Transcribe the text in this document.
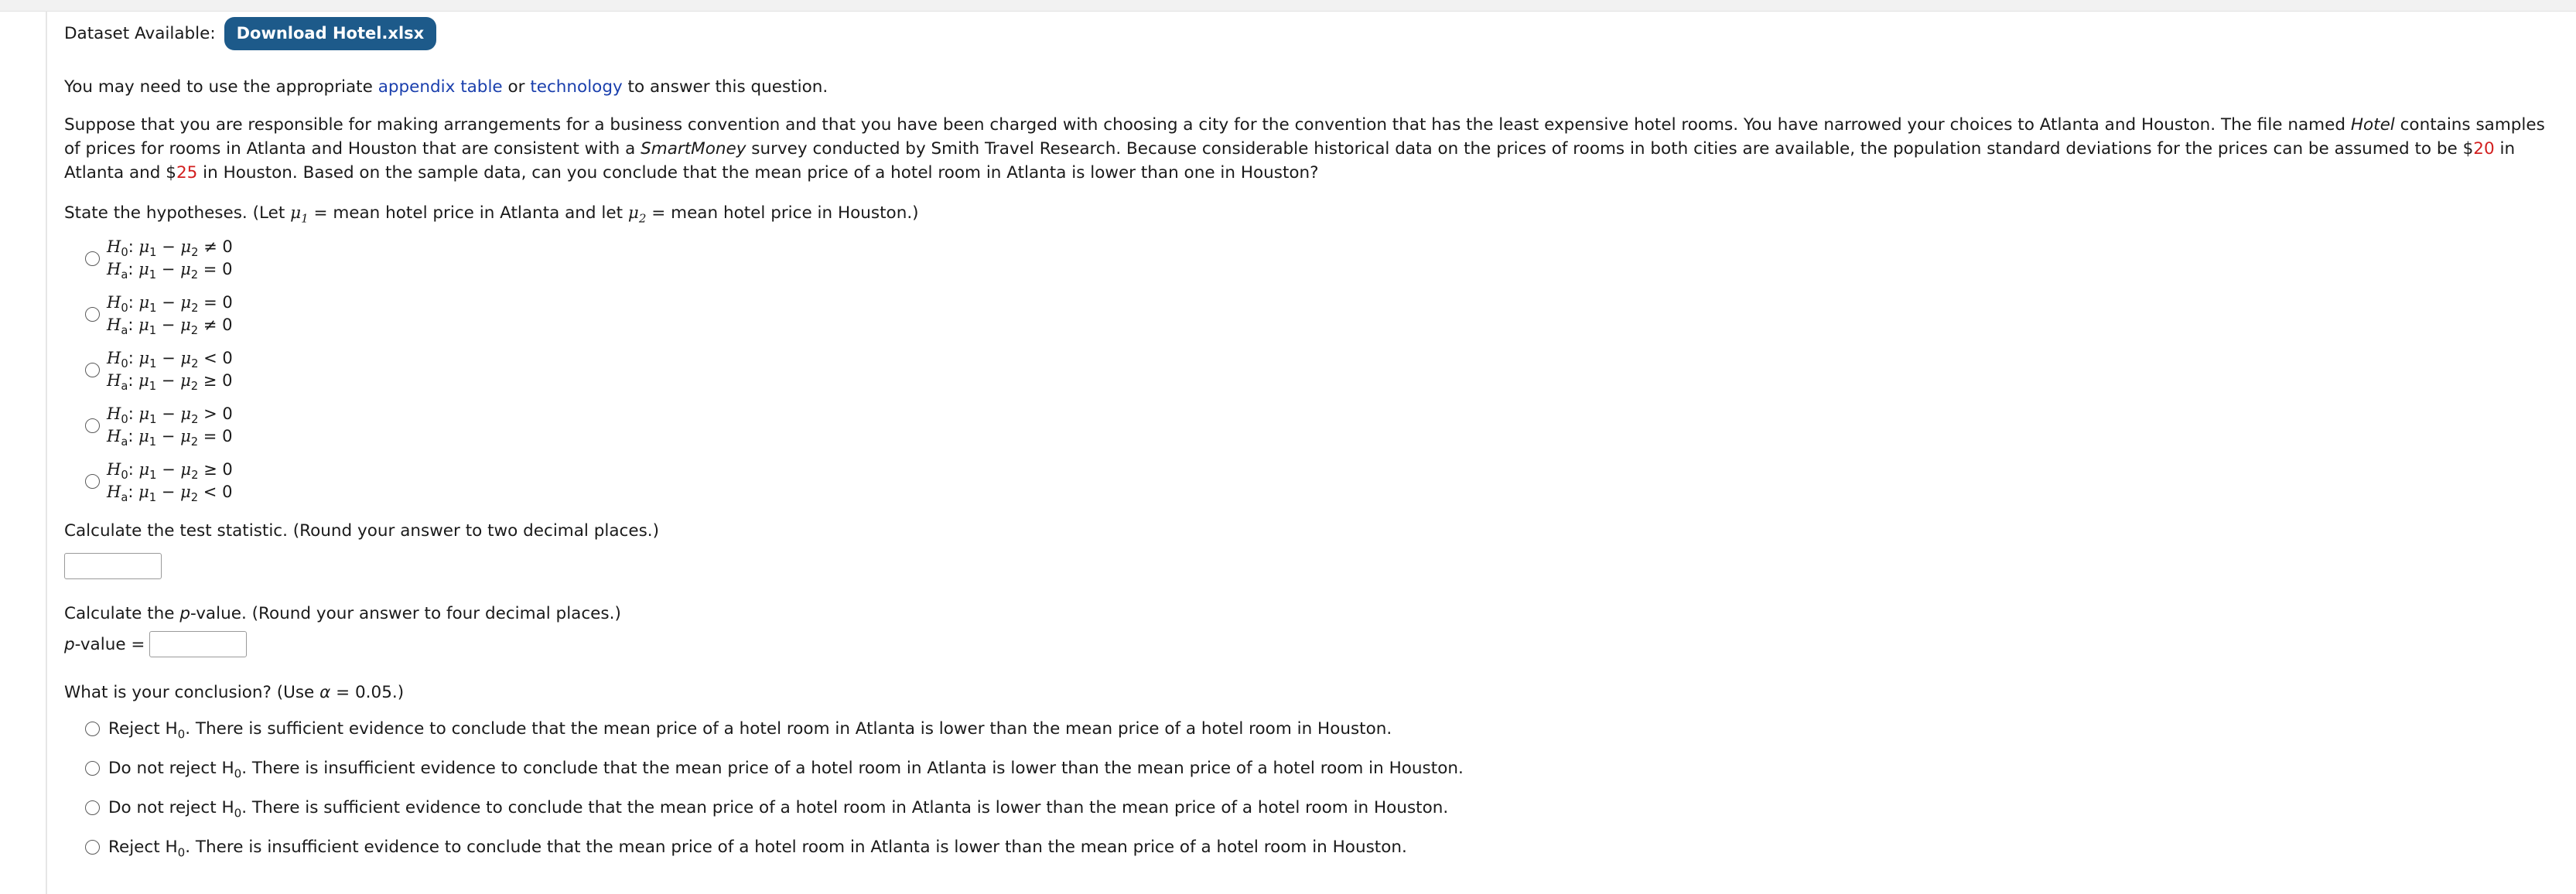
Dataset Available:	Download Hotel.xlsx

You may need to use the appropriate appendix table or technology to answer this question.

Suppose that you are responsible for making arrangements for a business convention and that you have been charged with choosing a city for the convention that has the least expensive hotel rooms. You have narrowed your choices to Atlanta and Houston. The file named Hotel contains samples of prices for rooms in Atlanta and Houston that are consistent with a SmartMoney survey conducted by Smith Travel Research. Because considerable historical data on the prices of rooms in both cities are available, the population standard deviations for the prices can be assumed to be $20 in Atlanta and $25 in Houston. Based on the sample data, can you conclude that the mean price of a hotel room in Atlanta is lower than one in Houston?

State the hypotheses. (Let $\mu_1$ = mean hotel price in Atlanta and let $\mu_2$ = mean hotel price in Houston.)

$H_0$: $\mu_1 - \mu_2 \ne 0$
$H_a$: $\mu_1 - \mu_2 = 0$
$H_0$: $\mu_1 - \mu_2 = 0$
$H_a$: $\mu_1 - \mu_2 \ne 0$
$H_0$: $\mu_1 - \mu_2 < 0$
$H_a$: $\mu_1 - \mu_2 \ge 0$
$H_0$: $\mu_1 - \mu_2 > 0$
$H_a$: $\mu_1 - \mu_2 = 0$
$H_0$: $\mu_1 - \mu_2 \ge 0$
$H_a$: $\mu_1 - \mu_2 < 0$

Calculate the test statistic. (Round your answer to two decimal places.)

Calculate the p-value. (Round your answer to four decimal places.)

p-value =

What is your conclusion? (Use α = 0.05.)

Reject $H_0$. There is sufficient evidence to conclude that the mean price of a hotel room in Atlanta is lower than the mean price of a hotel room in Houston.
Do not reject $H_0$. There is insufficient evidence to conclude that the mean price of a hotel room in Atlanta is lower than the mean price of a hotel room in Houston.
Do not reject $H_0$. There is sufficient evidence to conclude that the mean price of a hotel room in Atlanta is lower than the mean price of a hotel room in Houston.
Reject $H_0$. There is insufficient evidence to conclude that the mean price of a hotel room in Atlanta is lower than the mean price of a hotel room in Houston.
